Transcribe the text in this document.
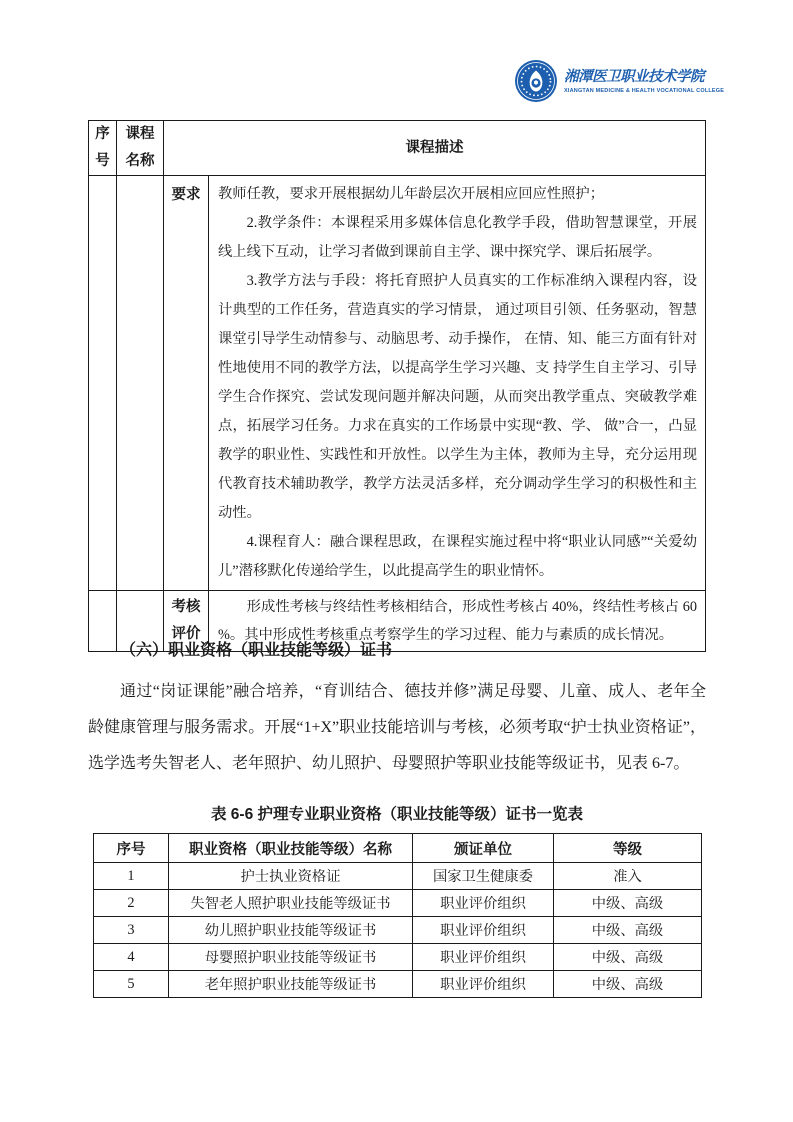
湘潭医卫职业技术学院
XIANGTAN MEDICINE & HEALTH VOCATIONAL COLLEGE
序号	课程名称	课程描述	
		要求	教师任教，要求开展根据幼儿年龄层次开展相应回应性照护；

2.教学条件：本课程采用多媒体信息化教学手段，借助智慧课堂，开展线上线下互动，让学习者做到课前自主学、课中探究学、课后拓展学。

3.教学方法与手段：将托育照护人员真实的工作标准纳入课程内容，设计典型的工作任务，营造真实的学习情景， 通过项目引领、任务驱动，智慧课堂引导学生动情参与、动脑思考、动手操作， 在情、知、能三方面有针对性地使用不同的教学方法，以提高学生学习兴趣、支 持学生自主学习、引导学生合作探究、尝试发现问题并解决问题，从而突出教学重点、突破教学难点，拓展学习任务。力求在真实的工作场景中实现“教、学、 做”合一，凸显教学的职业性、实践性和开放性。以学生为主体，教师为主导，充分运用现代教育技术辅助教学，教学方法灵活多样，充分调动学生学习的积极性和主动性。

4.课程育人：融合课程思政，在课程实施过程中将“职业认同感”“关爱幼儿”潜移默化传递给学生，以此提高学生的职业情怀。

		考核评价	形成性考核与终结性考核相结合，形成性考核占 40%，终结性考核占 60 %。其中形成性考核重点考察学生的学习过程、能力与素质的成长情况。
（六）职业资格（职业技能等级）证书
通过“岗证课能”融合培养，“育训结合、德技并修”满足母婴、儿童、成人、老年全龄健康管理与服务需求。开展“1+X”职业技能培训与考核，必须考取“护士执业资格证”，选学选考失智老人、老年照护、幼儿照护、母婴照护等职业技能等级证书，见表 6-7。
表 6-6 护理专业职业资格（职业技能等级）证书一览表
序号	职业资格（职业技能等级）名称	颁证单位	等级
1	护士执业资格证	国家卫生健康委	准入
2	失智老人照护职业技能等级证书	职业评价组织	中级、高级
3	幼儿照护职业技能等级证书	职业评价组织	中级、高级
4	母婴照护职业技能等级证书	职业评价组织	中级、高级
5	老年照护职业技能等级证书	职业评价组织	中级、高级
